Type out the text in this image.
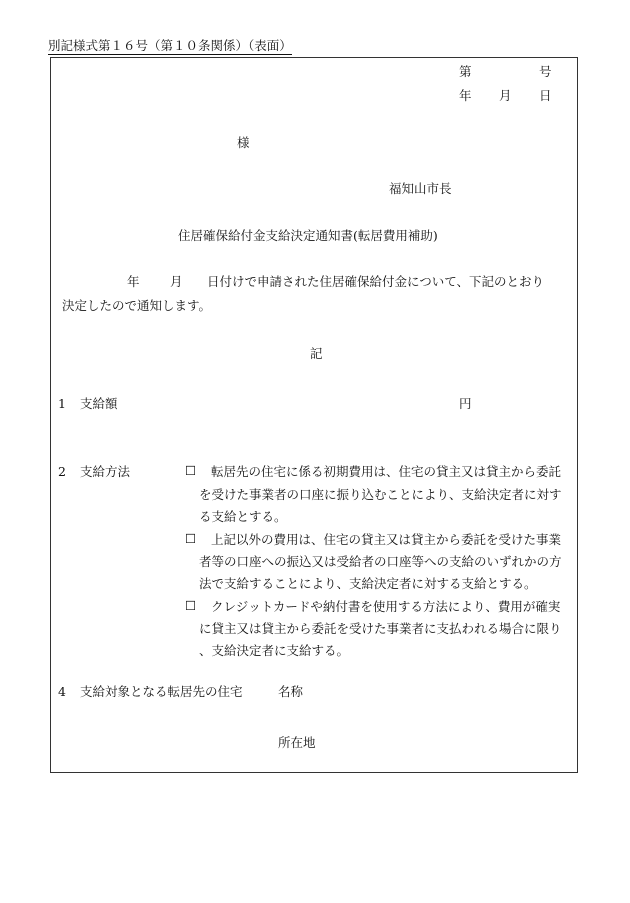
別記様式第１６号（第１０条関係）（表面）
第	号
年 月 日
様
福知山市長
住居確保給付金支給決定通知書(転居費用補助)
年 月 日付けで申請された住居確保給付金について、下記のとおり
決定したので通知します。
記
1 支給額	円
2 支給方法	☐ 転居先の住宅に係る初期費用は、住宅の貸主又は貸主から委託
を受けた事業者の口座に振り込むことにより、支給決定者に対す
る支給とする。
☐ 上記以外の費用は、住宅の貸主又は貸主から委託を受けた事業
者等の口座への振込又は受給者の口座等への支給のいずれかの方
法で支給することにより、支給決定者に対する支給とする。
☐ クレジットカードや納付書を使用する方法により、費用が確実
に貸主又は貸主から委託を受けた事業者に支払われる場合に限り
、支給決定者に支給する。
4 支給対象となる転居先の住宅	名称
所在地
